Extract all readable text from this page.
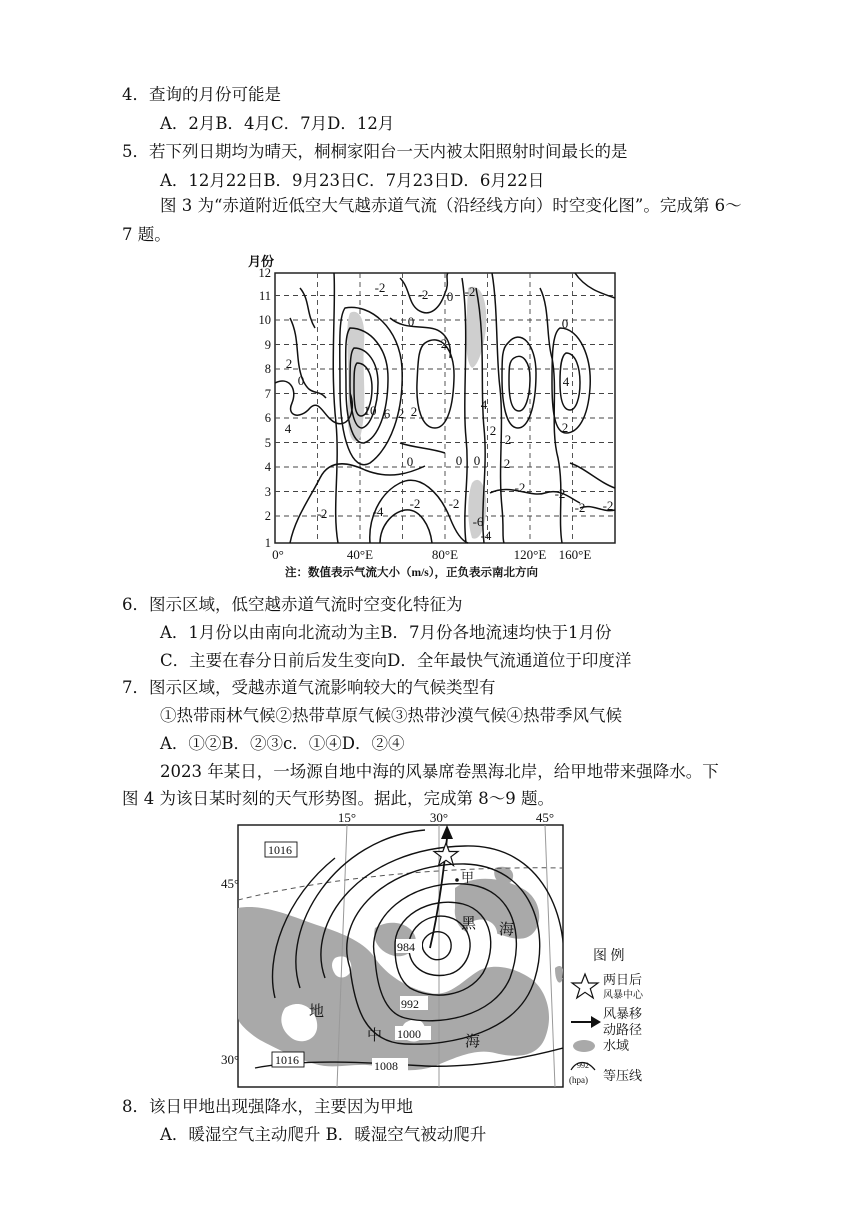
4．查询的月份可能是
A．2月B．4月C．7月D．12月
5．若下列日期均为晴天，桐桐家阳台一天内被太阳照射时间最长的是
A．12月22日B．9月23日C．7月23日D．6月22日
图 3 为“赤道附近低空大气越赤道气流（沿经线方向）时空变化图”。完成第 6～
7 题。
月份
12
11
10
9
8
7
6
5
4
3
2
1
0°	40°E	80°E	120°E 160°E
注：数值表示气流大小（m/s），正负表示南北方向
-2
0
-2 0 -2
2
0
10 6 2 2
4
4
2
2
2
0	0 0 2
-2 -2
-2
-2	-4
-6
-2 -2
-2
-4
0
4
2
6．图示区域，低空越赤道气流时空变化特征为
A．1月份以由南向北流动为主B．7月份各地流速均快于1月份
C．主要在春分日前后发生变向D．全年最快气流通道位于印度洋
7．图示区域，受越赤道气流影响较大的气候类型有
①热带雨林气候②热带草原气候③热带沙漠气候④热带季风气候
A．①②B．②③c．①④D．②④
2023 年某日，一场源自地中海的风暴席卷黑海北岸，给甲地带来强降水。下
图 4 为该日某时刻的天气形势图。据此，完成第 8～9 题。
15°	30°	45°
45°
30°
1016
984
992
1000
1008
1016
甲
黑 海
地
中	海
图 例
两日后
风暴中心
风暴移
动路径
水域
992
(hpa) 等压线
8．该日甲地出现强降水，主要因为甲地
A．暖湿空气主动爬升 B．暖湿空气被动爬升
